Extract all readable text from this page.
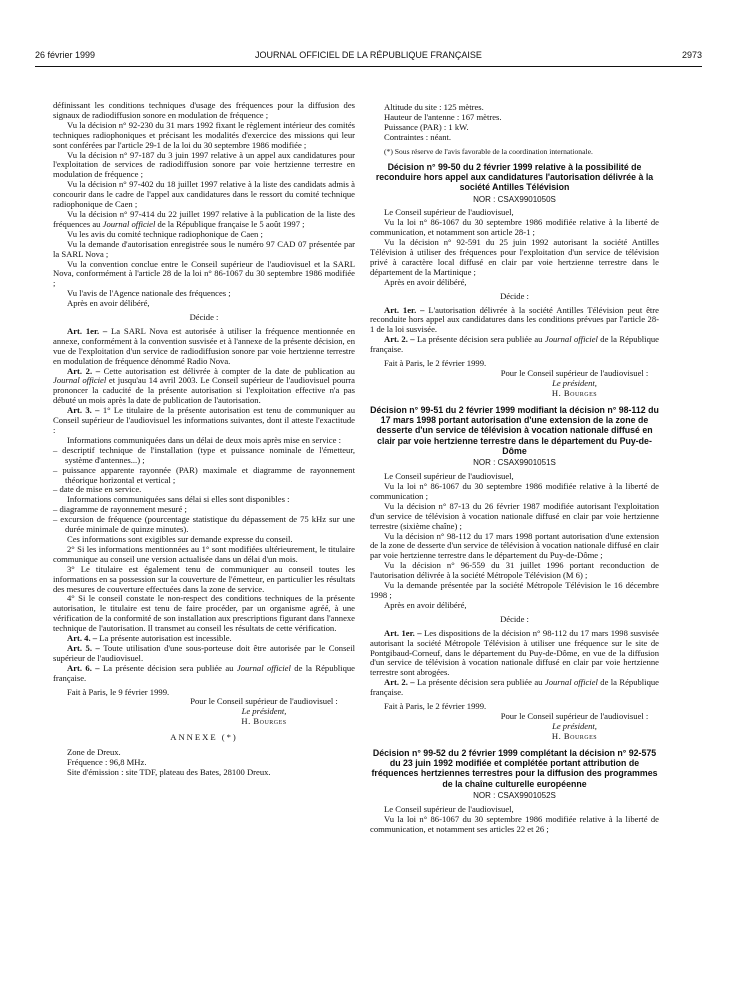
26 février 1999	JOURNAL OFFICIEL DE LA RÉPUBLIQUE FRANÇAISE	2973

définissant les conditions techniques d'usage des fréquences pour la diffusion des signaux de radiodiffusion sonore en modulation de fréquence ;

Vu la décision n° 92-230 du 31 mars 1992 fixant le règlement intérieur des comités techniques radiophoniques et précisant les modalités d'exercice des missions qui leur sont conférées par l'article 29-1 de la loi du 30 septembre 1986 modifiée ;

Vu la décision n° 97-187 du 3 juin 1997 relative à un appel aux candidatures pour l'exploitation de services de radiodiffusion sonore par voie hertzienne terrestre en modulation de fréquence ;

Vu la décision n° 97-402 du 18 juillet 1997 relative à la liste des candidats admis à concourir dans le cadre de l'appel aux candidatures dans le ressort du comité technique radiophonique de Caen ;

Vu la décision n° 97-414 du 22 juillet 1997 relative à la publication de la liste des fréquences au Journal officiel de la République française le 5 août 1997 ;

Vu les avis du comité technique radiophonique de Caen ;

Vu la demande d'autorisation enregistrée sous le numéro 97 CAD 07 présentée par la SARL Nova ;

Vu la convention conclue entre le Conseil supérieur de l'audiovisuel et la SARL Nova, conformément à l'article 28 de la loi n° 86-1067 du 30 septembre 1986 modifiée ;

Vu l'avis de l'Agence nationale des fréquences ;

Après en avoir délibéré,

Décide :

Art. 1er. – La SARL Nova est autorisée à utiliser la fréquence mentionnée en annexe, conformément à la convention susvisée et à l'annexe de la présente décision, en vue de l'exploitation d'un service de radiodiffusion sonore par voie hertzienne terrestre en modulation de fréquence dénommé Radio Nova.

Art. 2. – Cette autorisation est délivrée à compter de la date de publication au Journal officiel et jusqu'au 14 avril 2003. Le Conseil supérieur de l'audiovisuel pourra prononcer la caducité de la présente autorisation si l'exploitation effective n'a pas débuté un mois après la date de publication de l'autorisation.

Art. 3. – 1° Le titulaire de la présente autorisation est tenu de communiquer au Conseil supérieur de l'audiovisuel les informations suivantes, dont il atteste l'exactitude :

Informations communiquées dans un délai de deux mois après mise en service :

– descriptif technique de l'installation (type et puissance nominale de l'émetteur, système d'antennes...) ;

– puissance apparente rayonnée (PAR) maximale et diagramme de rayonnement théorique horizontal et vertical ;

– date de mise en service.

Informations communiquées sans délai si elles sont disponibles :

– diagramme de rayonnement mesuré ;

– excursion de fréquence (pourcentage statistique du dépassement de 75 kHz sur une durée minimale de quinze minutes).

Ces informations sont exigibles sur demande expresse du conseil.

2° Si les informations mentionnées au 1° sont modifiées ultérieurement, le titulaire communique au conseil une version actualisée dans un délai d'un mois.

3° Le titulaire est également tenu de communiquer au conseil toutes les informations en sa possession sur la couverture de l'émetteur, en particulier les résultats des mesures de couverture effectuées dans la zone de service.

4° Si le conseil constate le non-respect des conditions techniques de la présente autorisation, le titulaire est tenu de faire procéder, par un organisme agréé, à une vérification de la conformité de son installation aux prescriptions figurant dans l'annexe technique de l'autorisation. Il transmet au conseil les résultats de cette vérification.

Art. 4. – La présente autorisation est incessible.

Art. 5. – Toute utilisation d'une sous-porteuse doit être autorisée par le Conseil supérieur de l'audiovisuel.

Art. 6. – La présente décision sera publiée au Journal officiel de la République française.

Fait à Paris, le 9 février 1999.

Pour le Conseil supérieur de l'audiovisuel :

Le président,

H. Bourges

ANNEXE (*)

Zone de Dreux.

Fréquence : 96,8 MHz.

Site d'émission : site TDF, plateau des Bates, 28100 Dreux.

Altitude du site : 125 mètres.

Hauteur de l'antenne : 167 mètres.

Puissance (PAR) : 1 kW.

Contraintes : néant.

(*) Sous réserve de l'avis favorable de la coordination internationale.

Décision n° 99-50 du 2 février 1999 relative à la possibilité de reconduire hors appel aux candidatures l'autorisation délivrée à la société Antilles Télévision

NOR : CSAX9901050S

Le Conseil supérieur de l'audiovisuel,

Vu la loi n° 86-1067 du 30 septembre 1986 modifiée relative à la liberté de communication, et notamment son article 28-1 ;

Vu la décision n° 92-591 du 25 juin 1992 autorisant la société Antilles Télévision à utiliser des fréquences pour l'exploitation d'un service de télévision privé à caractère local diffusé en clair par voie hertzienne terrestre dans le département de la Martinique ;

Après en avoir délibéré,

Décide :

Art. 1er. – L'autorisation délivrée à la société Antilles Télévision peut être reconduite hors appel aux candidatures dans les conditions prévues par l'article 28-1 de la loi susvisée.

Art. 2. – La présente décision sera publiée au Journal officiel de la République française.

Fait à Paris, le 2 février 1999.

Pour le Conseil supérieur de l'audiovisuel :

Le président,

H. Bourges

Décision n° 99-51 du 2 février 1999 modifiant la décision n° 98-112 du 17 mars 1998 portant autorisation d'une extension de la zone de desserte d'un service de télévision à vocation nationale diffusé en clair par voie hertzienne terrestre dans le département du Puy-de-Dôme

NOR : CSAX9901051S

Le Conseil supérieur de l'audiovisuel,

Vu la loi n° 86-1067 du 30 septembre 1986 modifiée relative à la liberté de communication ;

Vu la décision n° 87-13 du 26 février 1987 modifiée autorisant l'exploitation d'un service de télévision à vocation nationale diffusé en clair par voie hertzienne terrestre (sixième chaîne) ;

Vu la décision n° 98-112 du 17 mars 1998 portant autorisation d'une extension de la zone de desserte d'un service de télévision à vocation nationale diffusé en clair par voie hertzienne terrestre dans le département du Puy-de-Dôme ;

Vu la décision n° 96-559 du 31 juillet 1996 portant reconduction de l'autorisation délivrée à la société Métropole Télévision (M 6) ;

Vu la demande présentée par la société Métropole Télévision le 16 décembre 1998 ;

Après en avoir délibéré,

Décide :

Art. 1er. – Les dispositions de la décision n° 98-112 du 17 mars 1998 susvisée autorisant la société Métropole Télévision à utiliser une fréquence sur le site de Pontgibaud-Corneuf, dans le département du Puy-de-Dôme, en vue de la diffusion d'un service de télévision à vocation nationale diffusé en clair par voie hertzienne terrestre sont abrogées.

Art. 2. – La présente décision sera publiée au Journal officiel de la République française.

Fait à Paris, le 2 février 1999.

Pour le Conseil supérieur de l'audiovisuel :

Le président,

H. Bourges

Décision n° 99-52 du 2 février 1999 complétant la décision n° 92-575 du 23 juin 1992 modifiée et complétée portant attribution de fréquences hertziennes terrestres pour la diffusion des programmes de la chaîne culturelle européenne

NOR : CSAX9901052S

Le Conseil supérieur de l'audiovisuel,

Vu la loi n° 86-1067 du 30 septembre 1986 modifiée relative à la liberté de communication, et notamment ses articles 22 et 26 ;
